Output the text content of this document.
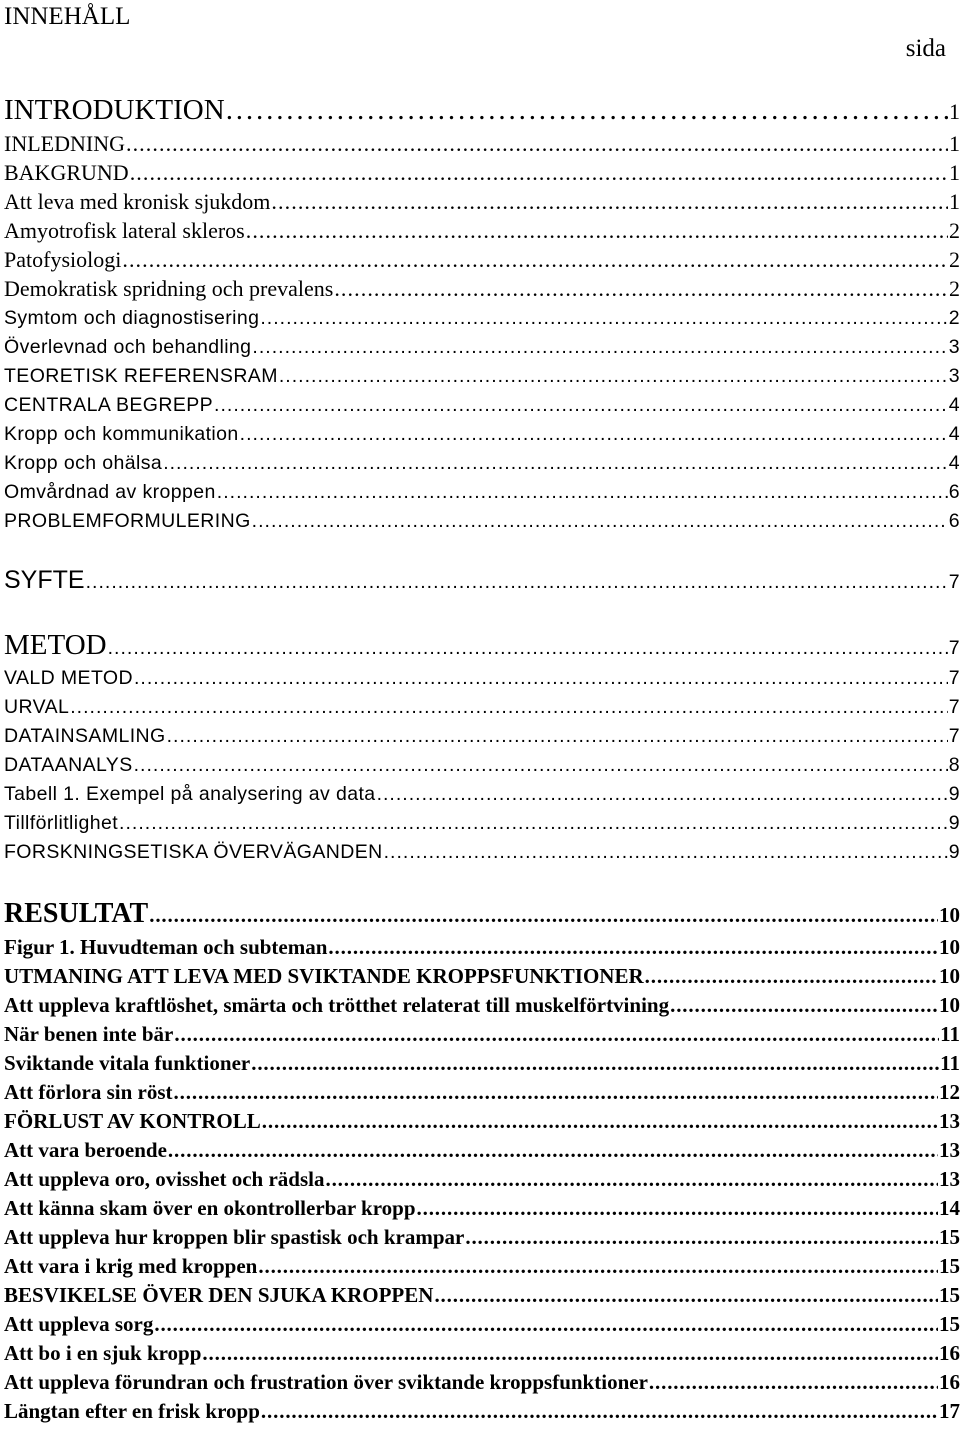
INNEHÅLL
sida
INTRODUKTION . . .	1
INLEDNING . . .	1
BAKGRUND . . .	1
Att leva med kronisk sjukdom . . .	1
Amyotrofisk lateral skleros . . .	2
Patofysiologi . . .	2
Demokratisk spridning och prevalens . . .	2
Symtom och diagnostisering . . .	2
Överlevnad och behandling . . .	3
TEORETISK REFERENSRAM . . .	3
CENTRALA BEGREPP . . .	4
Kropp och kommunikation . . .	4
Kropp och ohälsa . . .	4
Omvårdnad av kroppen . . .	6
PROBLEMFORMULERING . . .	6
SYFTE . . .	7
METOD . . .	7
VALD METOD . . .	7
URVAL . . .	7
DATAINSAMLING . . .	7
DATAANALYS . . .	8
Tabell 1. Exempel på analysering av data . . .	9
Tillförlitlighet . . .	9
FORSKNINGSETISKA ÖVERVÄGANDEN . . .	9
RESULTAT . . .	10
Figur 1. Huvudteman och subteman . . .	10
UTMANING ATT LEVA MED SVIKTANDE KROPPSFUNKTIONER . . .	10
Att uppleva kraftlöshet, smärta och trötthet relaterat till muskelförtvining . . .	10
När benen inte bär . . .	11
Sviktande vitala funktioner . . .	11
Att förlora sin röst . . .	12
FÖRLUST AV KONTROLL . . .	13
Att vara beroende . . .	13
Att uppleva oro, ovisshet och rädsla . . .	13
Att känna skam över en okontrollerbar kropp . . .	14
Att uppleva hur kroppen blir spastisk och krampar . . .	15
Att vara i krig med kroppen . . .	15
BESVIKELSE ÖVER DEN SJUKA KROPPEN . . .	15
Att uppleva sorg . . .	15
Att bo i en sjuk kropp . . .	16
Att uppleva förundran och frustration över sviktande kroppsfunktioner . . .	16
Längtan efter en frisk kropp . . .	17
